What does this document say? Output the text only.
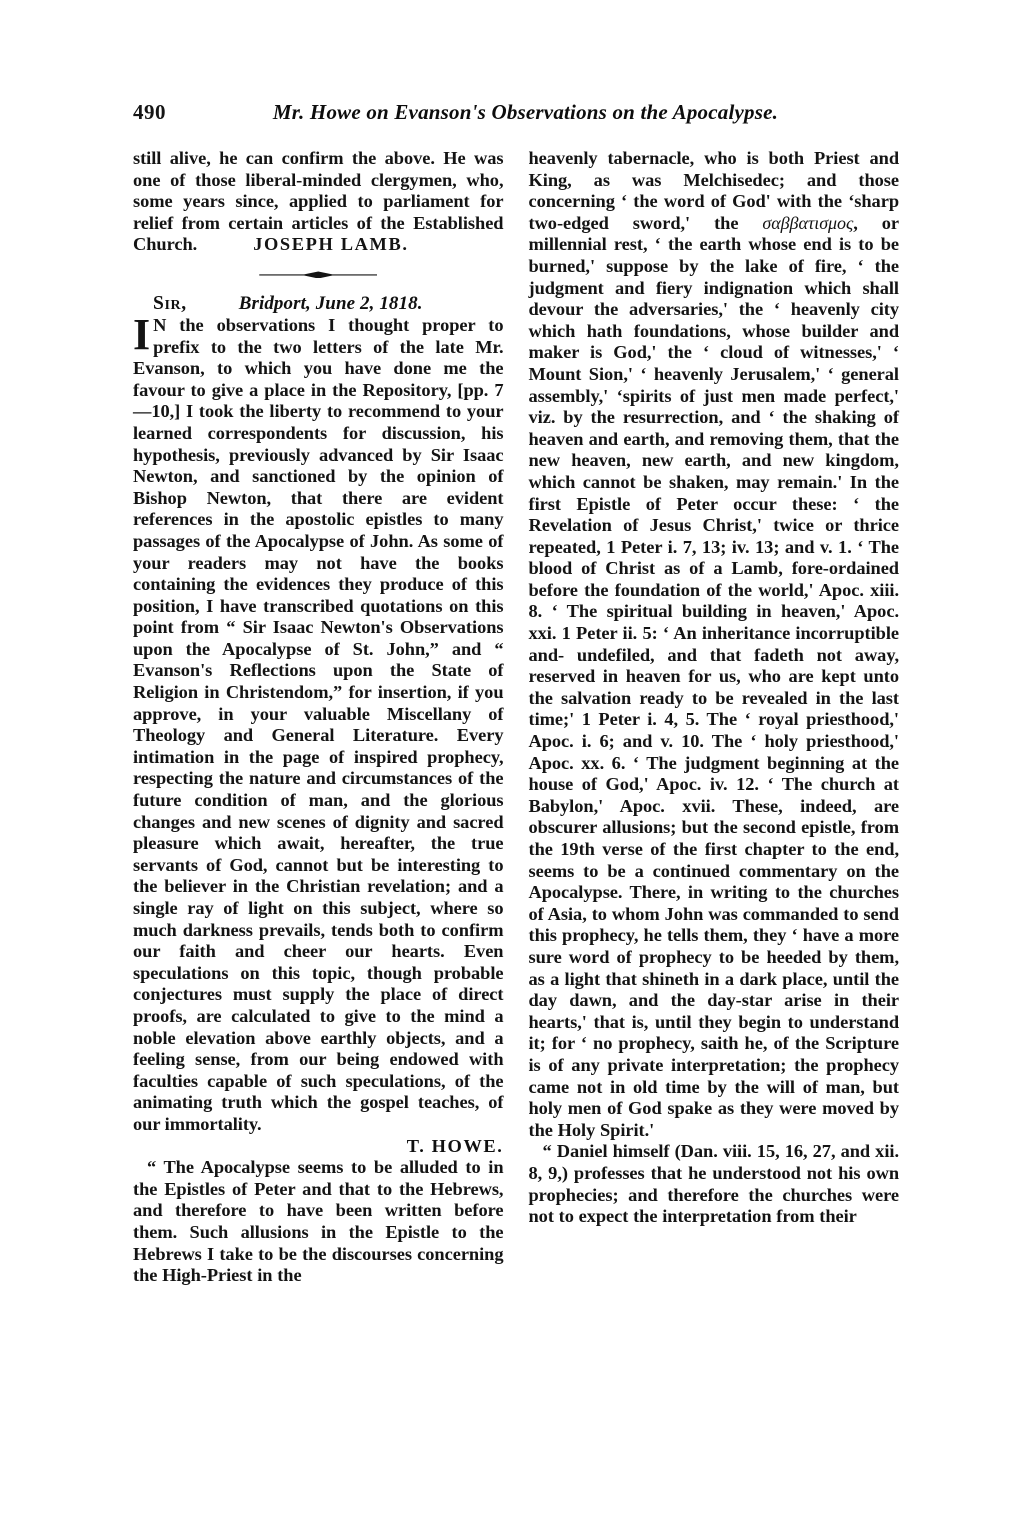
490	Mr. Howe on Evanson's Observations on the Apocalypse.

still alive, he can confirm the above. He was one of those liberal-minded clergymen, who, some years since, applied to parliament for relief from certain articles of the Established Church.	JOSEPH LAMB.

Sir,	Bridport, June 2, 1818.

I N the observations I thought proper to prefix to the two letters of the late Mr. Evanson, to which you have done me the favour to give a place in the Repository, [pp. 7—10,] I took the liberty to recommend to your learned correspondents for discussion, his hypothesis, previously advanced by Sir Isaac Newton, and sanctioned by the opinion of Bishop Newton, that there are evident references in the apostolic epistles to many passages of the Apocalypse of John. As some of your readers may not have the books containing the evidences they produce of this position, I have transcribed quotations on this point from “ Sir Isaac Newton's Observations upon the Apocalypse of St. John,” and “ Evanson's Reflections upon the State of Religion in Christendom,” for insertion, if you approve, in your valuable Miscellany of Theology and General Literature. Every intimation in the page of inspired prophecy, respecting the nature and circumstances of the future condition of man, and the glorious changes and new scenes of dignity and sacred pleasure which await, hereafter, the true servants of God, cannot but be interesting to the believer in the Christian revelation; and a single ray of light on this subject, where so much darkness prevails, tends both to confirm our faith and cheer our hearts. Even speculations on this topic, though probable conjectures must supply the place of direct proofs, are calculated to give to the mind a noble elevation above earthly objects, and a feeling sense, from our being endowed with faculties capable of such speculations, of the animating truth which the gospel teaches, of our immortality.

T. HOWE.

“ The Apocalypse seems to be alluded to in the Epistles of Peter and that to the Hebrews, and therefore to have been written before them. Such allusions in the Epistle to the Hebrews I take to be the discourses concerning the High-Priest in the

heavenly tabernacle, who is both Priest and King, as was Melchisedec; and those concerning ‘ the word of God' with the ‘sharp two-edged sword,' the σαββατισμος, or millennial rest, ‘ the earth whose end is to be burned,' suppose by the lake of fire, ‘ the judgment and fiery indignation which shall devour the adversaries,' the ‘ heavenly city which hath foundations, whose builder and maker is God,' the ‘ cloud of witnesses,' ‘ Mount Sion,' ‘ heavenly Jerusalem,' ‘ general assembly,' ‘spirits of just men made perfect,' viz. by the resurrection, and ‘ the shaking of heaven and earth, and removing them, that the new heaven, new earth, and new kingdom, which cannot be shaken, may remain.' In the first Epistle of Peter occur these: ‘ the Revelation of Jesus Christ,' twice or thrice repeated, 1 Peter i. 7, 13; iv. 13; and v. 1. ‘ The blood of Christ as of a Lamb, fore-ordained before the foundation of the world,' Apoc. xiii. 8. ‘ The spiritual building in heaven,' Apoc. xxi. 1 Peter ii. 5: ‘ An inheritance incorruptible and- undefiled, and that fadeth not away, reserved in heaven for us, who are kept unto the salvation ready to be revealed in the last time;' 1 Peter i. 4, 5. The ‘ royal priesthood,' Apoc. i. 6; and v. 10. The ‘ holy priesthood,' Apoc. xx. 6. ‘ The judgment beginning at the house of God,' Apoc. iv. 12. ‘ The church at Babylon,' Apoc. xvii. These, indeed, are obscurer allusions; but the second epistle, from the 19th verse of the first chapter to the end, seems to be a continued commentary on the Apocalypse. There, in writing to the churches of Asia, to whom John was commanded to send this prophecy, he tells them, they ‘ have a more sure word of prophecy to be heeded by them, as a light that shineth in a dark place, until the day dawn, and the day-star arise in their hearts,' that is, until they begin to understand it; for ‘ no prophecy, saith he, of the Scripture is of any private interpretation; the prophecy came not in old time by the will of man, but holy men of God spake as they were moved by the Holy Spirit.'

“ Daniel himself (Dan. viii. 15, 16, 27, and xii. 8, 9,) professes that he understood not his own prophecies; and therefore the churches were not to expect the interpretation from their
